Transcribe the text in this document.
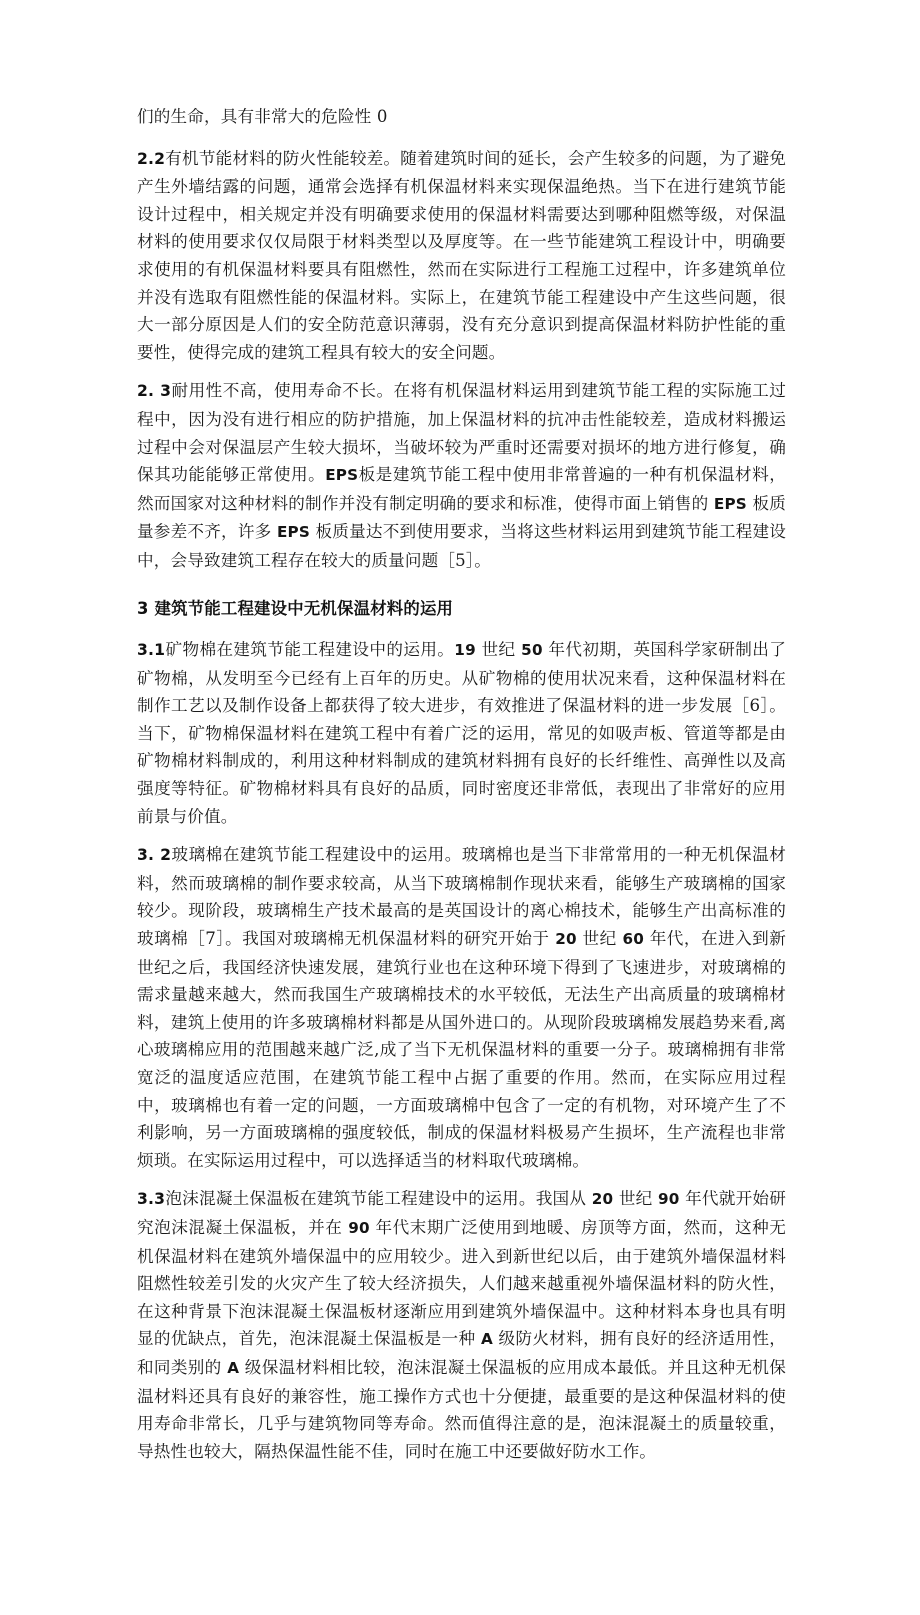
们的生命，具有非常大的危险性 0

2.2有机节能材料的防火性能较差。随着建筑时间的延长，会产生较多的问题，为了避免产生外墙结露的问题，通常会选择有机保温材料来实现保温绝热。当下在进行建筑节能设计过程中，相关规定并没有明确要求使用的保温材料需要达到哪种阻燃等级，对保温材料的使用要求仅仅局限于材料类型以及厚度等。在一些节能建筑工程设计中，明确要求使用的有机保温材料要具有阻燃性，然而在实际进行工程施工过程中，许多建筑单位并没有选取有阻燃性能的保温材料。实际上，在建筑节能工程建设中产生这些问题，很大一部分原因是人们的安全防范意识薄弱，没有充分意识到提高保温材料防护性能的重要性，使得完成的建筑工程具有较大的安全问题。

2. 3耐用性不高，使用寿命不长。在将有机保温材料运用到建筑节能工程的实际施工过程中，因为没有进行相应的防护措施，加上保温材料的抗冲击性能较差，造成材料搬运过程中会对保温层产生较大损坏，当破坏较为严重时还需要对损坏的地方进行修复，确保其功能能够正常使用。EPS板是建筑节能工程中使用非常普遍的一种有机保温材料，然而国家对这种材料的制作并没有制定明确的要求和标准，使得市面上销售的 EPS 板质量参差不齐，许多 EPS 板质量达不到使用要求，当将这些材料运用到建筑节能工程建设中，会导致建筑工程存在较大的质量问题［5］。

3 建筑节能工程建设中无机保温材料的运用

3.1矿物棉在建筑节能工程建设中的运用。19 世纪 50 年代初期，英国科学家研制出了矿物棉，从发明至今已经有上百年的历史。从矿物棉的使用状况来看，这种保温材料在制作工艺以及制作设备上都获得了较大进步，有效推进了保温材料的进一步发展［6］。当下，矿物棉保温材料在建筑工程中有着广泛的运用，常见的如吸声板、管道等都是由矿物棉材料制成的，利用这种材料制成的建筑材料拥有良好的长纤维性、高弹性以及高强度等特征。矿物棉材料具有良好的品质，同时密度还非常低，表现出了非常好的应用前景与价值。

3. 2玻璃棉在建筑节能工程建设中的运用。玻璃棉也是当下非常常用的一种无机保温材料，然而玻璃棉的制作要求较高，从当下玻璃棉制作现状来看，能够生产玻璃棉的国家较少。现阶段，玻璃棉生产技术最高的是英国设计的离心棉技术，能够生产出高标准的玻璃棉［7］。我国对玻璃棉无机保温材料的研究开始于 20 世纪 60 年代，在进入到新世纪之后，我国经济快速发展，建筑行业也在这种环境下得到了飞速进步，对玻璃棉的需求量越来越大，然而我国生产玻璃棉技术的水平较低，无法生产出高质量的玻璃棉材料，建筑上使用的许多玻璃棉材料都是从国外进口的。从现阶段玻璃棉发展趋势来看,离心玻璃棉应用的范围越来越广泛,成了当下无机保温材料的重要一分子。玻璃棉拥有非常宽泛的温度适应范围，在建筑节能工程中占据了重要的作用。然而，在实际应用过程中，玻璃棉也有着一定的问题，一方面玻璃棉中包含了一定的有机物，对环境产生了不利影响，另一方面玻璃棉的强度较低，制成的保温材料极易产生损坏，生产流程也非常烦琐。在实际运用过程中，可以选择适当的材料取代玻璃棉。

3.3泡沫混凝土保温板在建筑节能工程建设中的运用。我国从 20 世纪 90 年代就开始研究泡沫混凝土保温板，并在 90 年代末期广泛使用到地暖、房顶等方面，然而，这种无机保温材料在建筑外墙保温中的应用较少。进入到新世纪以后，由于建筑外墙保温材料阻燃性较差引发的火灾产生了较大经济损失，人们越来越重视外墙保温材料的防火性，在这种背景下泡沫混凝土保温板材逐渐应用到建筑外墙保温中。这种材料本身也具有明显的优缺点，首先，泡沫混凝土保温板是一种 A 级防火材料，拥有良好的经济适用性，和同类别的 A 级保温材料相比较，泡沫混凝土保温板的应用成本最低。并且这种无机保温材料还具有良好的兼容性，施工操作方式也十分便捷，最重要的是这种保温材料的使用寿命非常长，几乎与建筑物同等寿命。然而值得注意的是，泡沫混凝土的质量较重，导热性也较大，隔热保温性能不佳，同时在施工中还要做好防水工作。
